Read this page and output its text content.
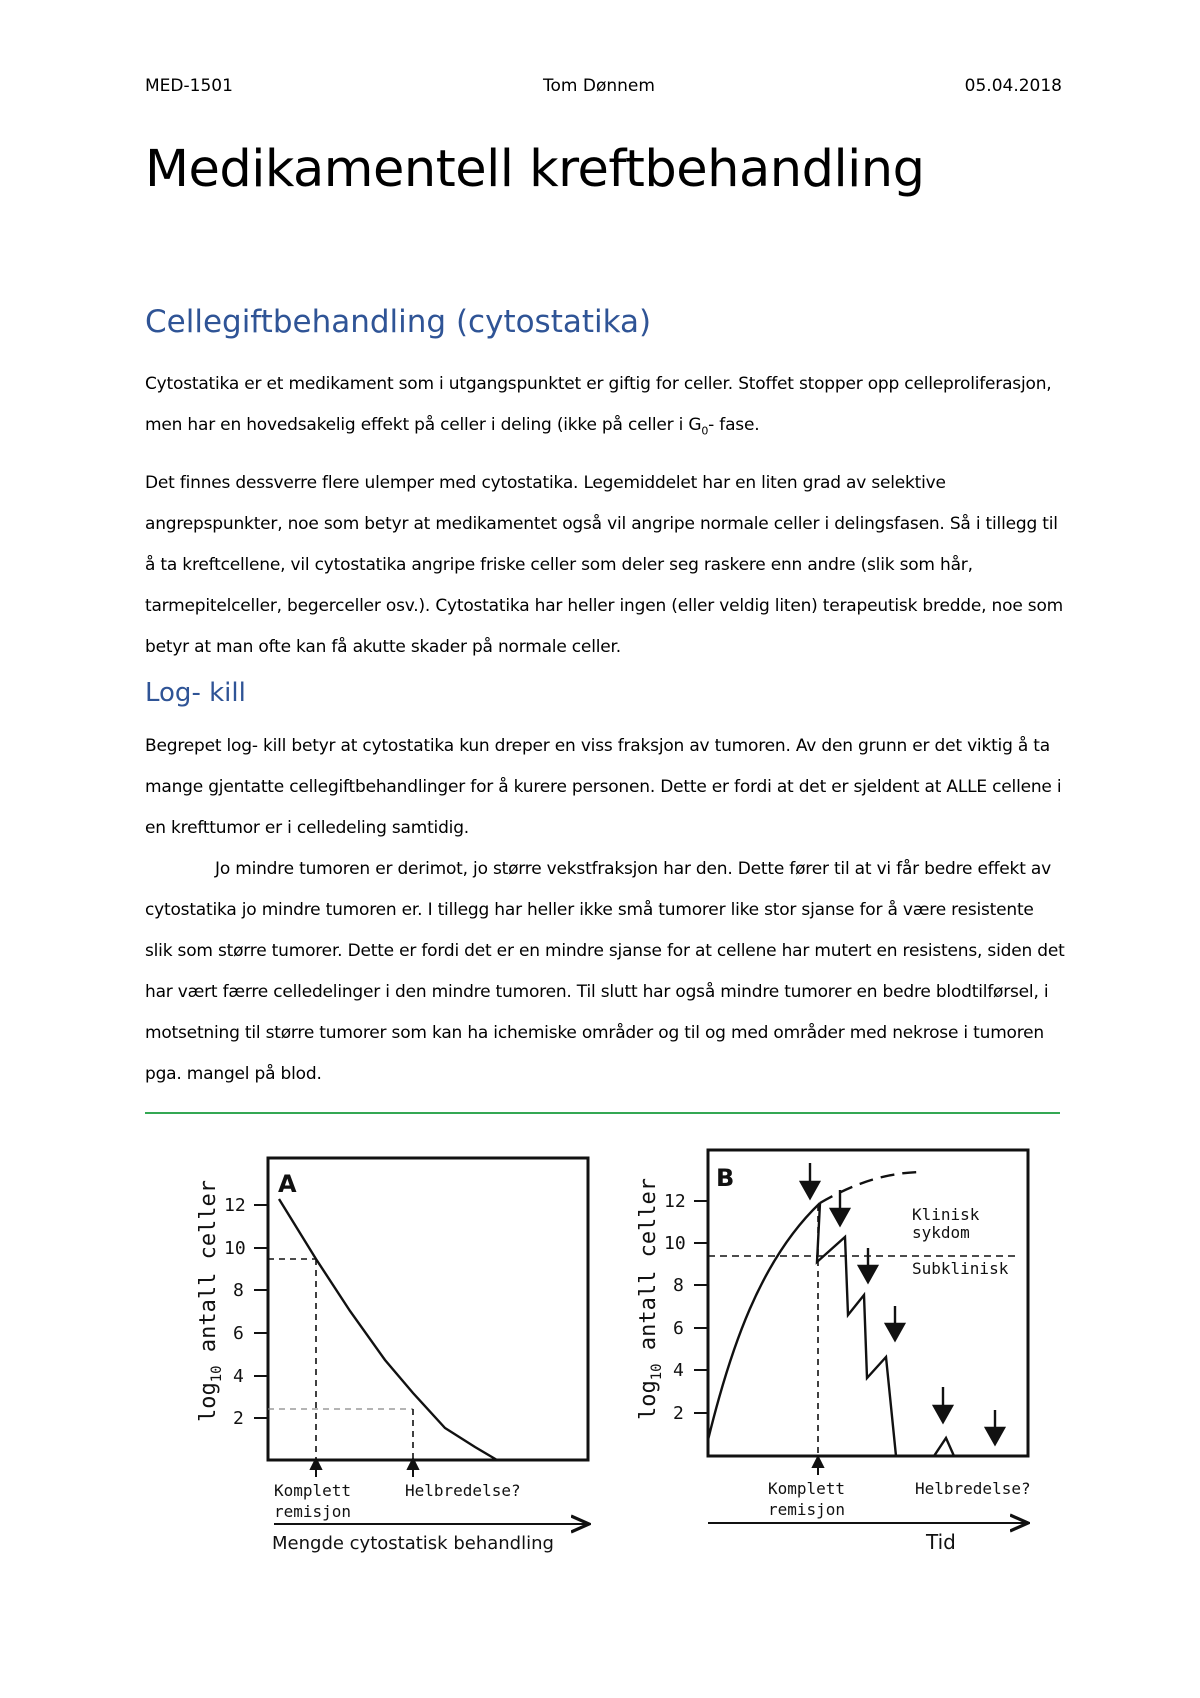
MED-1501	Tom Dønnem	05.04.2018
Medikamentell kreftbehandling
Cellegiftbehandling (cytostatika)

Cytostatika er et medikament som i utgangspunktet er giftig for celler. Stoffet stopper opp celleproliferasjon, men har en hovedsakelig effekt på celler i deling (ikke på celler i $G_0-$ fase.

Det finnes dessverre flere ulemper med cytostatika. Legemiddelet har en liten grad av selektive angrepspunkter, noe som betyr at medikamentet også vil angripe normale celler i delingsfasen. Så i tillegg til å ta kreftcellene, vil cytostatika angripe friske celler som deler seg raskere enn andre (slik som hår, tarmepitelceller, begerceller osv.). Cytostatika har heller ingen (eller veldig liten) terapeutisk bredde, noe som betyr at man ofte kan få akutte skader på normale celler.

Log- kill

Begrepet log- kill betyr at cytostatika kun dreper en viss fraksjon av tumoren. Av den grunn er det viktig å ta mange gjentatte cellegiftbehandlinger for å kurere personen. Dette er fordi at det er sjeldent at ALLE cellene i en krefttumor er i celledeling samtidig.

Jo mindre tumoren er derimot, jo større vekstfraksjon har den. Dette fører til at vi får bedre effekt av cytostatika jo mindre tumoren er. I tillegg har heller ikke små tumorer like stor sjanse for å være resistente slik som større tumorer. Dette er fordi det er en mindre sjanse for at cellene har mutert en resistens, siden det har vært færre celledelinger i den mindre tumoren. Til slutt har også mindre tumorer en bedre blodtilførsel, i motsetning til større tumorer som kan ha ichemiske områder og til og med områder med nekrose i tumoren pga. mangel på blod.

A
12
10
8
6
4
2
$\log_{10}$ antall celler
Komplett
remisjon
Helbredelse?
Mengde cytostatisk behandling
B
12
10
8
6
4
2
$\log_{10}$ antall celler	Klinisk
sykdom
Subklinisk
Komplett
remisjon
Helbredelse?
Tid
